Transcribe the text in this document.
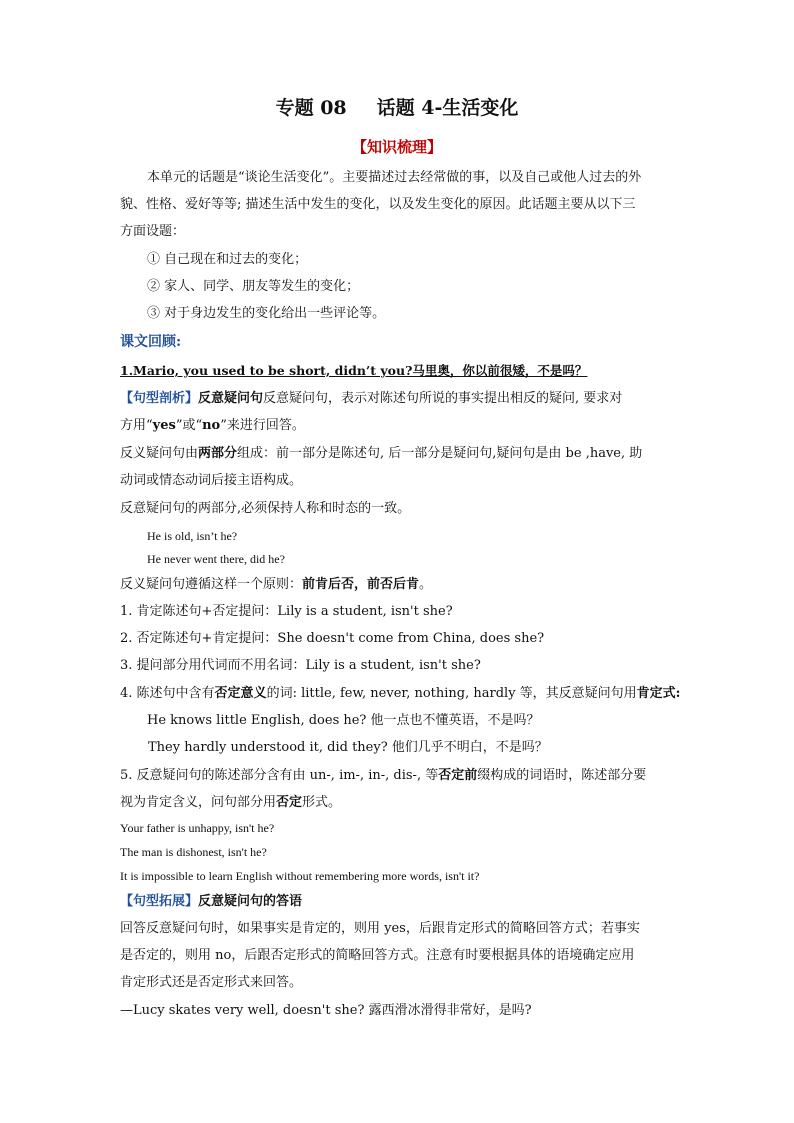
专题 08 话题 4-生活变化
【知识梳理】
本单元的话题是“谈论生活变化”。主要描述过去经常做的事，以及自己或他人过去的外
貌、性格、爱好等等; 描述生活中发生的变化，以及发生变化的原因。此话题主要从以下三
方面设题：
① 自己现在和过去的变化；
② 家人、同学、朋友等发生的变化；
③ 对于身边发生的变化给出一些评论等。
课文回顾:
1.Mario, you used to be short, didn’t you?马里奥，你以前很矮，不是吗？
【句型剖析】反意疑问句反意疑问句，表示对陈述句所说的事实提出相反的疑问, 要求对
方用“yes”或“no”来进行回答。
反义疑问句由两部分组成：前一部分是陈述句, 后一部分是疑问句,疑问句是由 be ,have, 助
动词或情态动词后接主语构成。
反意疑问句的两部分,必须保持人称和时态的一致。
He is old, isn’t he?
He never went there, did he?
反义疑问句遵循这样一个原则：前肯后否，前否后肯。
1. 肯定陈述句+否定提问：Lily is a student, isn't she?
2. 否定陈述句+肯定提问：She doesn't come from China, does she?
3. 提问部分用代词而不用名词：Lily is a student, isn't she?
4. 陈述句中含有否定意义的词: little, few, never, nothing, hardly 等，其反意疑问句用肯定式:
He knows little English, does he? 他一点也不懂英语，不是吗？
They hardly understood it, did they? 他们几乎不明白，不是吗？
5. 反意疑问句的陈述部分含有由 un-, im-, in-, dis-, 等否定前缀构成的词语时，陈述部分要
视为肯定含义，问句部分用否定形式。
Your father is unhappy, isn't he?
The man is dishonest, isn't he?
It is impossible to learn English without remembering more words, isn't it?
【句型拓展】反意疑问句的答语
回答反意疑问句时，如果事实是肯定的，则用 yes，后跟肯定形式的简略回答方式；若事实
是否定的，则用 no，后跟否定形式的简略回答方式。注意有时要根据具体的语境确定应用
肯定形式还是否定形式来回答。
—Lucy skates very well, doesn't she? 露西滑冰滑得非常好，是吗?
